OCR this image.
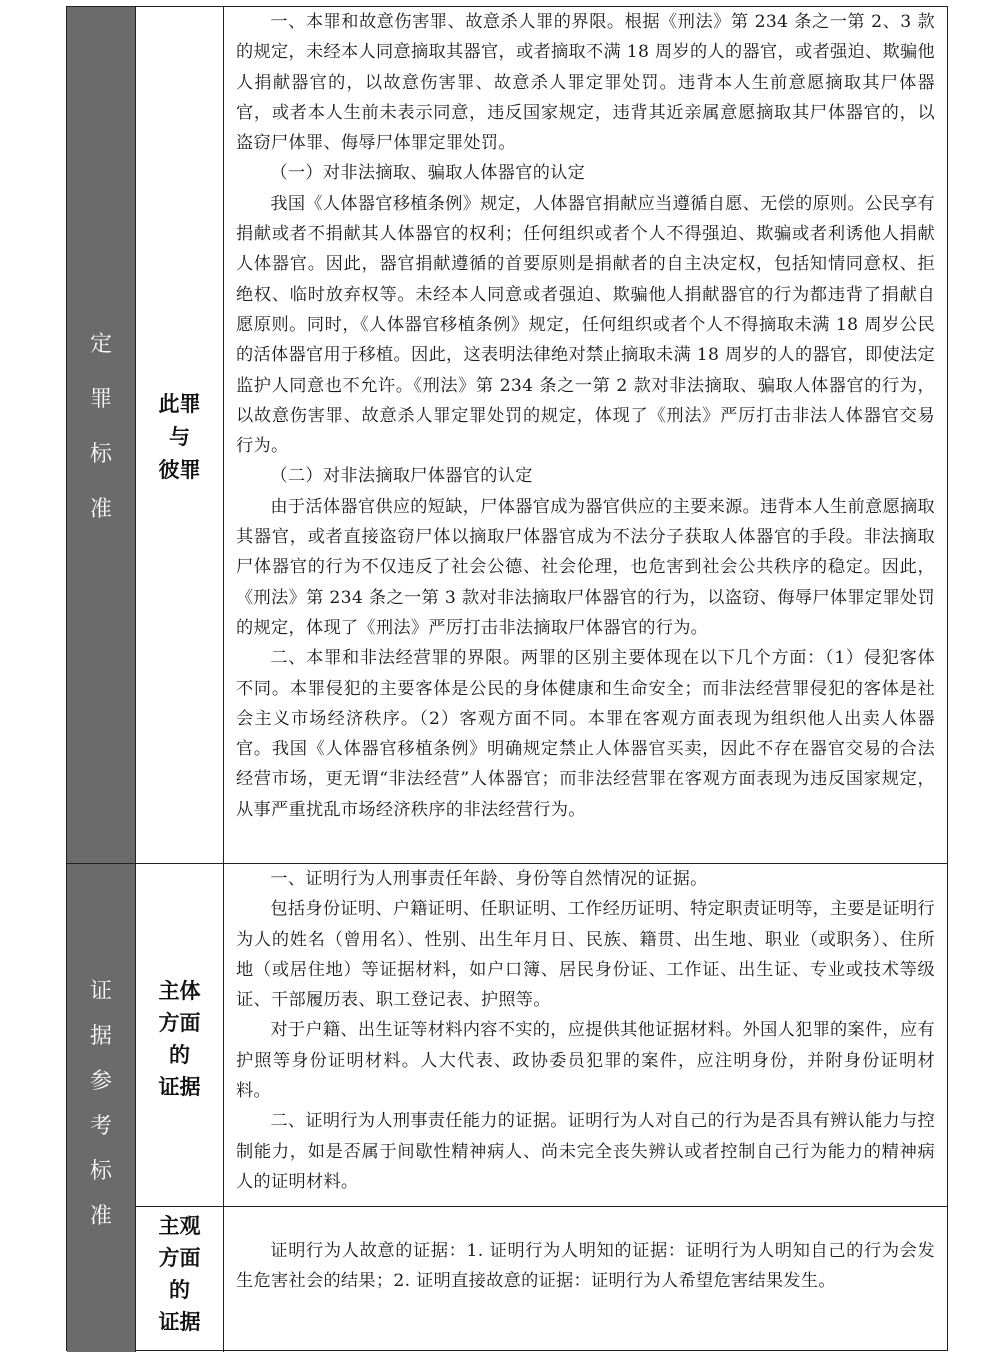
定
罪
标
准
此罪
与
彼罪

一、本罪和故意伤害罪、故意杀人罪的界限。根据《刑法》第 234 条之一第 2、3 款的规定，未经本人同意摘取其器官，或者摘取不满 18 周岁的人的器官，或者强迫、欺骗他人捐献器官的，以故意伤害罪、故意杀人罪定罪处罚。违背本人生前意愿摘取其尸体器官，或者本人生前未表示同意，违反国家规定，违背其近亲属意愿摘取其尸体器官的，以盗窃尸体罪、侮辱尸体罪定罪处罚。

（一）对非法摘取、骗取人体器官的认定

我国《人体器官移植条例》规定，人体器官捐献应当遵循自愿、无偿的原则。公民享有捐献或者不捐献其人体器官的权利；任何组织或者个人不得强迫、欺骗或者利诱他人捐献人体器官。因此，器官捐献遵循的首要原则是捐献者的自主决定权，包括知情同意权、拒绝权、临时放弃权等。未经本人同意或者强迫、欺骗他人捐献器官的行为都违背了捐献自愿原则。同时，《人体器官移植条例》规定，任何组织或者个人不得摘取未满 18 周岁公民的活体器官用于移植。因此，这表明法律绝对禁止摘取未满 18 周岁的人的器官，即使法定监护人同意也不允许。《刑法》第 234 条之一第 2 款对非法摘取、骗取人体器官的行为，以故意伤害罪、故意杀人罪定罪处罚的规定，体现了《刑法》严厉打击非法人体器官交易行为。

（二）对非法摘取尸体器官的认定

由于活体器官供应的短缺，尸体器官成为器官供应的主要来源。违背本人生前意愿摘取其器官，或者直接盗窃尸体以摘取尸体器官成为不法分子获取人体器官的手段。非法摘取尸体器官的行为不仅违反了社会公德、社会伦理，也危害到社会公共秩序的稳定。因此，《刑法》第 234 条之一第 3 款对非法摘取尸体器官的行为，以盗窃、侮辱尸体罪定罪处罚的规定，体现了《刑法》严厉打击非法摘取尸体器官的行为。

二、本罪和非法经营罪的界限。两罪的区别主要体现在以下几个方面：（1）侵犯客体不同。本罪侵犯的主要客体是公民的身体健康和生命安全；而非法经营罪侵犯的客体是社会主义市场经济秩序。（2）客观方面不同。本罪在客观方面表现为组织他人出卖人体器官。我国《人体器官移植条例》明确规定禁止人体器官买卖，因此不存在器官交易的合法经营市场，更无谓“非法经营”人体器官；而非法经营罪在客观方面表现为违反国家规定，从事严重扰乱市场经济秩序的非法经营行为。

证
据
参
考
标
准
主体
方面
的
证据

一、证明行为人刑事责任年龄、身份等自然情况的证据。

包括身份证明、户籍证明、任职证明、工作经历证明、特定职责证明等，主要是证明行为人的姓名（曾用名）、性别、出生年月日、民族、籍贯、出生地、职业（或职务）、住所地（或居住地）等证据材料，如户口簿、居民身份证、工作证、出生证、专业或技术等级证、干部履历表、职工登记表、护照等。

对于户籍、出生证等材料内容不实的，应提供其他证据材料。外国人犯罪的案件，应有护照等身份证明材料。人大代表、政协委员犯罪的案件，应注明身份，并附身份证明材料。

二、证明行为人刑事责任能力的证据。证明行为人对自己的行为是否具有辨认能力与控制能力，如是否属于间歇性精神病人、尚未完全丧失辨认或者控制自己行为能力的精神病人的证明材料。

主观
方面
的
证据

证明行为人故意的证据：1. 证明行为人明知的证据：证明行为人明知自己的行为会发生危害社会的结果；2. 证明直接故意的证据：证明行为人希望危害结果发生。
